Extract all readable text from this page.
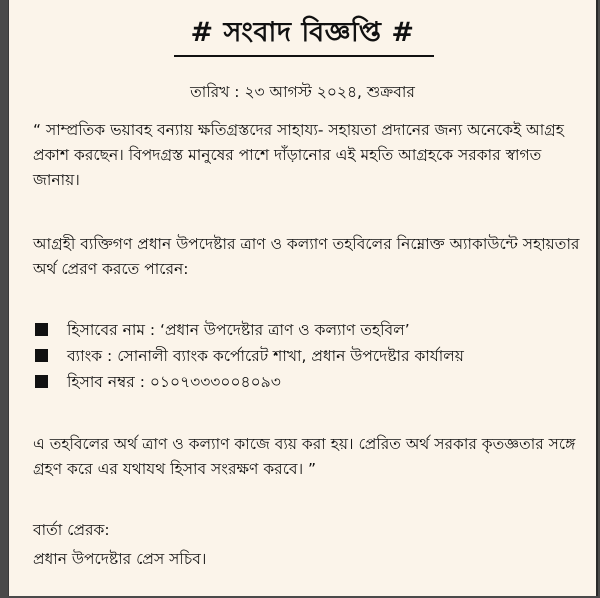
# সংবাদ বিজ্ঞপ্তি #
তারিখ : ২৩ আগস্ট ২০২৪, শুক্রবার
“ সাম্প্রতিক ভয়াবহ বন্যায় ক্ষতিগ্রস্তদের সাহায্য- সহায়তা প্রদানের জন্য অনেকেই আগ্রহ প্রকাশ করছেন। বিপদগ্রস্ত মানুষের পাশে দাঁড়ানোর এই মহতি আগ্রহকে সরকার স্বাগত জানায়।
আগ্রহী ব্যক্তিগণ প্রধান উপদেষ্টার ত্রাণ ও কল্যাণ তহবিলের নিম্নোক্ত অ্যাকাউন্টে সহায়তার অর্থ প্রেরণ করতে পারেন:
হিসাবের নাম : ‘প্রধান উপদেষ্টার ত্রাণ ও কল্যাণ তহবিল’
ব্যাংক : সোনালী ব্যাংক কর্পোরেট শাখা, প্রধান উপদেষ্টার কার্যালয়
হিসাব নম্বর : ০১০৭৩৩৩০০৪০৯৩
এ তহবিলের অর্থ ত্রাণ ও কল্যাণ কাজে ব্যয় করা হয়। প্রেরিত অর্থ সরকার কৃতজ্ঞতার সঙ্গে গ্রহণ করে এর যথাযথ হিসাব সংরক্ষণ করবে। ”
বার্তা প্রেরক:
প্রধান উপদেষ্টার প্রেস সচিব।
